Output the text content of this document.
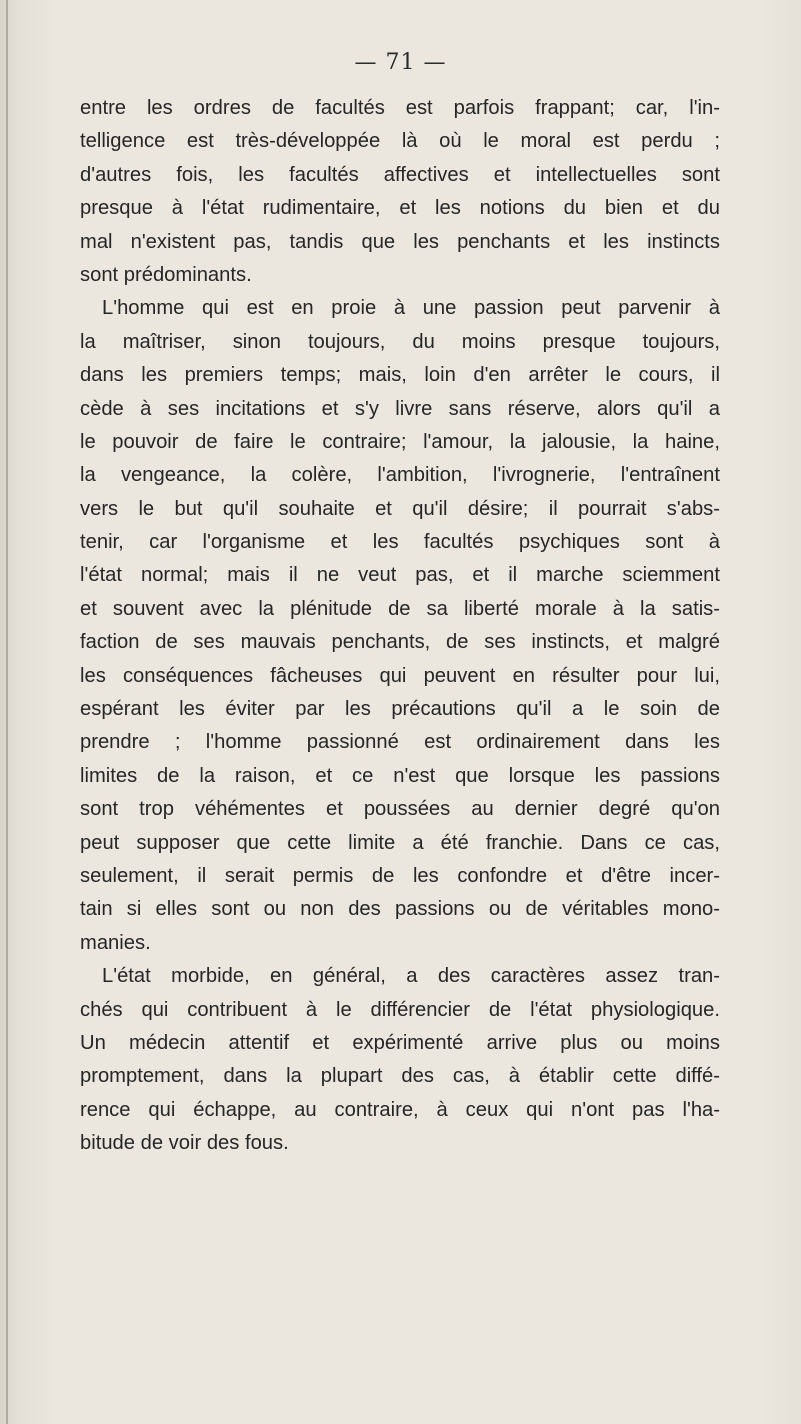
— 71 —
entre les ordres de facultés est parfois frappant; car, l'in-
telligence est très-développée là où le moral est perdu ;
d'autres fois, les facultés affectives et intellectuelles sont
presque à l'état rudimentaire, et les notions du bien et du
mal n'existent pas, tandis que les penchants et les instincts
sont prédominants.
L'homme qui est en proie à une passion peut parvenir à
la maîtriser, sinon toujours, du moins presque toujours,
dans les premiers temps; mais, loin d'en arrêter le cours, il
cède à ses incitations et s'y livre sans réserve, alors qu'il a
le pouvoir de faire le contraire; l'amour, la jalousie, la haine,
la vengeance, la colère, l'ambition, l'ivrognerie, l'entraînent
vers le but qu'il souhaite et qu'il désire; il pourrait s'abs-
tenir, car l'organisme et les facultés psychiques sont à
l'état normal; mais il ne veut pas, et il marche sciemment
et souvent avec la plénitude de sa liberté morale à la satis-
faction de ses mauvais penchants, de ses instincts, et malgré
les conséquences fâcheuses qui peuvent en résulter pour lui,
espérant les éviter par les précautions qu'il a le soin de
prendre ; l'homme passionné est ordinairement dans les
limites de la raison, et ce n'est que lorsque les passions
sont trop véhémentes et poussées au dernier degré qu'on
peut supposer que cette limite a été franchie. Dans ce cas,
seulement, il serait permis de les confondre et d'être incer-
tain si elles sont ou non des passions ou de véritables mono-
manies.
L'état morbide, en général, a des caractères assez tran-
chés qui contribuent à le différencier de l'état physiologique.
Un médecin attentif et expérimenté arrive plus ou moins
promptement, dans la plupart des cas, à établir cette diffé-
rence qui échappe, au contraire, à ceux qui n'ont pas l'ha-
bitude de voir des fous.
